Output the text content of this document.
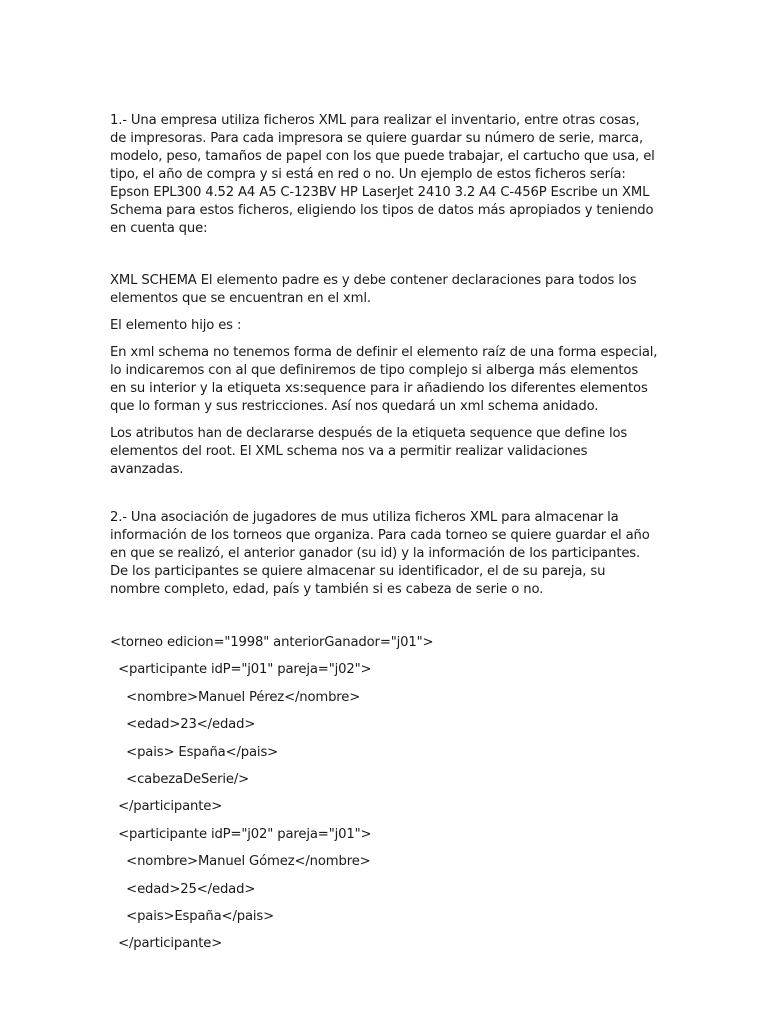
1.- Una empresa utiliza ficheros XML para realizar el inventario, entre otras cosas, de impresoras. Para cada impresora se quiere guardar su número de serie, marca, modelo, peso, tamaños de papel con los que puede trabajar, el cartucho que usa, el tipo, el año de compra y si está en red o no. Un ejemplo de estos ficheros sería: Epson EPL300 4.52 A4 A5 C-123BV HP LaserJet 2410 3.2 A4 C-456P Escribe un XML Schema para estos ficheros, eligiendo los tipos de datos más apropiados y teniendo en cuenta que:

XML SCHEMA El elemento padre es y debe contener declaraciones para todos los elementos que se encuentran en el xml.

El elemento hijo es :

En xml schema no tenemos forma de definir el elemento raíz de una forma especial, lo indicaremos con al que definiremos de tipo complejo si alberga más elementos en su interior y la etiqueta xs:sequence para ir añadiendo los diferentes elementos que lo forman y sus restricciones. Así nos quedará un xml schema anidado.

Los atributos han de declararse después de la etiqueta sequence que define los elementos del root. El XML schema nos va a permitir realizar validaciones avanzadas.

2.- Una asociación de jugadores de mus utiliza ficheros XML para almacenar la información de los torneos que organiza. Para cada torneo se quiere guardar el año en que se realizó, el anterior ganador (su id) y la información de los participantes. De los participantes se quiere almacenar su identificador, el de su pareja, su nombre completo, edad, país y también si es cabeza de serie o no.

<torneo edicion="1998" anteriorGanador="j01">
<participante idP="j01" pareja="j02">
<nombre>Manuel Pérez</nombre>
<edad>23</edad>
<pais> España</pais>
<cabezaDeSerie/>
</participante>
<participante idP="j02" pareja="j01">
<nombre>Manuel Gómez</nombre>
<edad>25</edad>
<pais>España</pais>
</participante>
